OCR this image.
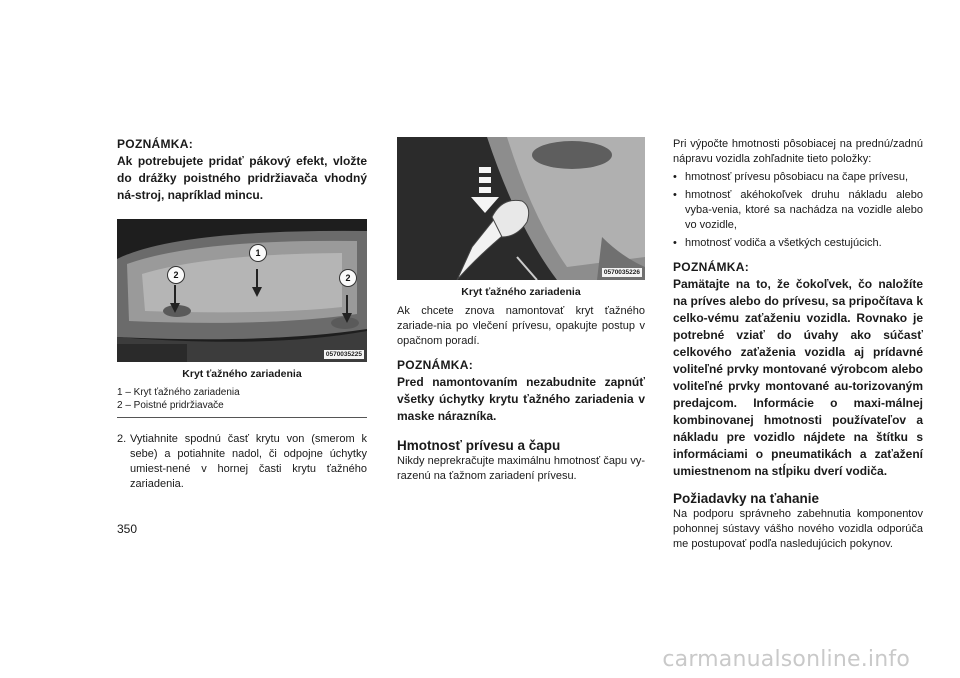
POZNÁMKA:

Ak potrebujete pridať pákový efekt, vložte do drážky poistného pridržiavača vhodný ná-stroj, napríklad mincu.

1
2	2
0570035225

Kryt ťažného zariadenia

1 – Kryt ťažného zariadenia
2 – Poistné pridržiavače
2. Vytiahnite spodnú časť krytu von (smerom k sebe) a potiahnite nadol, či odpojne úchytky umiest-nené v hornej časti krytu ťažného zariadenia.
0570035226

Kryt ťažného zariadenia

Ak chcete znova namontovať kryt ťažného zariade-nia po vlečení prívesu, opakujte postup v opačnom poradí.

POZNÁMKA:

Pred namontovaním nezabudnite zapnúť všetky úchytky krytu ťažného zariadenia v maske nárazníka.

Hmotnosť prívesu a čapu

Nikdy neprekračujte maximálnu hmotnosť čapu vy-razenú na ťažnom zariadení prívesu.

Pri výpočte hmotnosti pôsobiacej na prednú/zadnú nápravu vozidla zohľadnite tieto položky:

• hmotnosť prívesu pôsobiacu na čape prívesu,
• hmotnosť akéhokoľvek druhu nákladu alebo vyba-venia, ktoré sa nachádza na vozidle alebo vo vozidle,
• hmotnosť vodiča a všetkých cestujúcich.

POZNÁMKA:

Pamätajte na to, že čokoľvek, čo naložíte na príves alebo do prívesu, sa pripočítava k celko-vému zaťaženiu vozidla. Rovnako je potrebné vziať do úvahy ako súčasť celkového zaťaženia vozidla aj prídavné voliteľné prvky montované výrobcom alebo voliteľné prvky montované au-torizovaným predajcom. Informácie o maxi-málnej kombinovanej hmotnosti používateľov a nákladu pre vozidlo nájdete na štítku s informáciami o pneumatikách a zaťažení umiestnenom na stĺpiku dverí vodiča.

Požiadavky na ťahanie

Na podporu správneho zabehnutia komponentov pohonnej sústavy vášho nového vozidla odporúča me postupovať podľa nasledujúcich pokynov.

350

carmanualsonline.info
